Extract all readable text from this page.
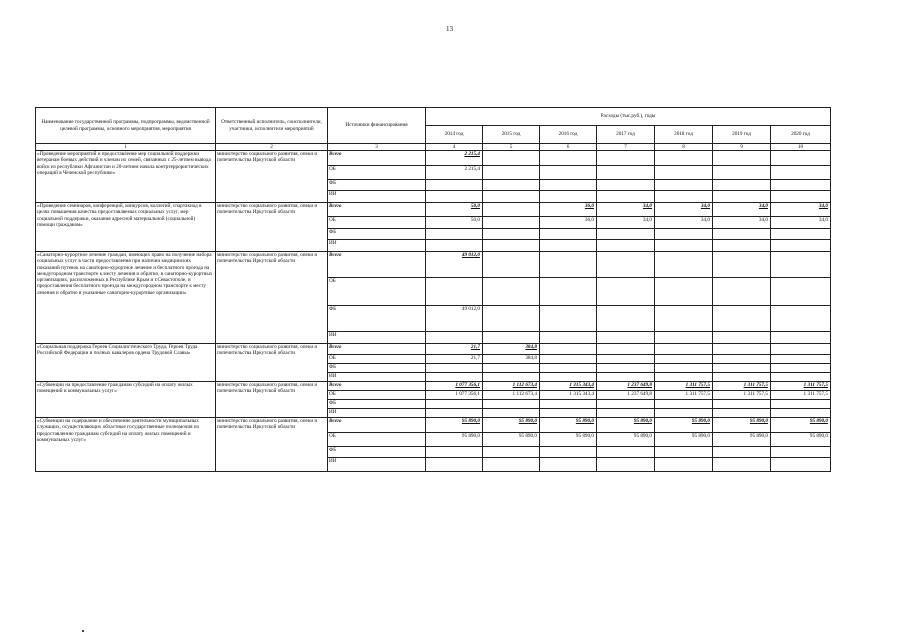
13
Наименование государственной программы, подпрограммы, ведомственной целевой программы, основного мероприятия, мероприятия	Ответственный исполнитель, соисполнители, участники, исполнители мероприятий	Источники финансирования	Расходы (тыс.руб.), годы						
			2014 год	2015 год	2016 год	2017 год	2018 год	2019 год	2020 год
1	2	3	4	5	6	7	8	9	10
«Проведение мероприятий и предоставление мер социальной поддержки ветеранам боевых действий и членам их семей, связанных с 25-летием вывода войск из республики Афганистан и 20-летием начала контртеррористических операций в Чеченской республике»	министерство социального развития, опеки и попечительства Иркутской области	Всего	2 215,4						
		ОБ	2 215,4						
		ФБ							
		ИИ							
«Проведение семинаров, конференций, конкурсов, коллегий, спартакиад в целях повышения качества предоставляемых социальных услуг, мер социальной поддержки, оказания адресной материальной (социальной) помощи гражданам»	министерство социального развития, опеки и попечительства Иркутской области	Всего	50,0		36,0	34,0	34,0	34,0	34,0
		ОБ	50,0		36,0	34,0	34,0	34,0	34,0
		ФБ							
		ИИ							
«Санаторно-курортное лечение граждан, имеющих право на получение набора социальных услуг в части предоставления при наличии медицинских показаний путевок на санаторно-курортное лечение и бесплатного проезда на междугородном транспорте к месту лечения и обратно, в санаторно-курортных организациях, расположенных в Республике Крым и г.Севастополе, и предоставления бесплатного проезда на междугородном транспорте к месту лечения и обратно в указанные санаторно-курортные организации»	министерство социального развития, опеки и попечительства Иркутской области	Всего	49 012,0						
		ОБ							
		ФБ	49 012,0						
		ИИ							
«Социальная поддержка Героев Социалистического Труда, Героев Труда Российской Федерации и полных кавалеров ордена Трудовой Славы»	министерство социального развития, опеки и попечительства Иркутской области	Всего	21,7	384,8					
		ОБ	21,7	384,8					
		ФБ							
		ИИ							
«Субвенции на предоставление гражданам субсидий на оплату жилых помещений и коммунальных услуг»	министерство социального развития, опеки и попечительства Иркутской области	Всего	1 077 356,1	1 112 673,4	1 315 343,4	1 237 649,8	1 311 757,5	1 311 757,5	1 311 757,5
		ОБ	1 077 356,1	1 112 673,4	1 315 343,4	1 237 649,8	1 311 757,5	1 311 757,5	1 311 757,5
		ФБ							
		ИИ							
«Субвенции на содержание и обеспечение деятельности муниципальных служащих, осуществляющих областные государственные полномочия по предоставлению гражданам субсидий на оплату жилых помещений и коммунальных услуг»	министерство социального развития, опеки и попечительства Иркутской области	Всего	95 890,0	95 890,0	95 890,0	95 890,0	95 890,0	95 890,0	95 890,0
		ОБ	95 890,0	95 890,0	95 890,0	95 890,0	95 890,0	95 890,0	95 890,0
		ФБ							
		ИИ							
